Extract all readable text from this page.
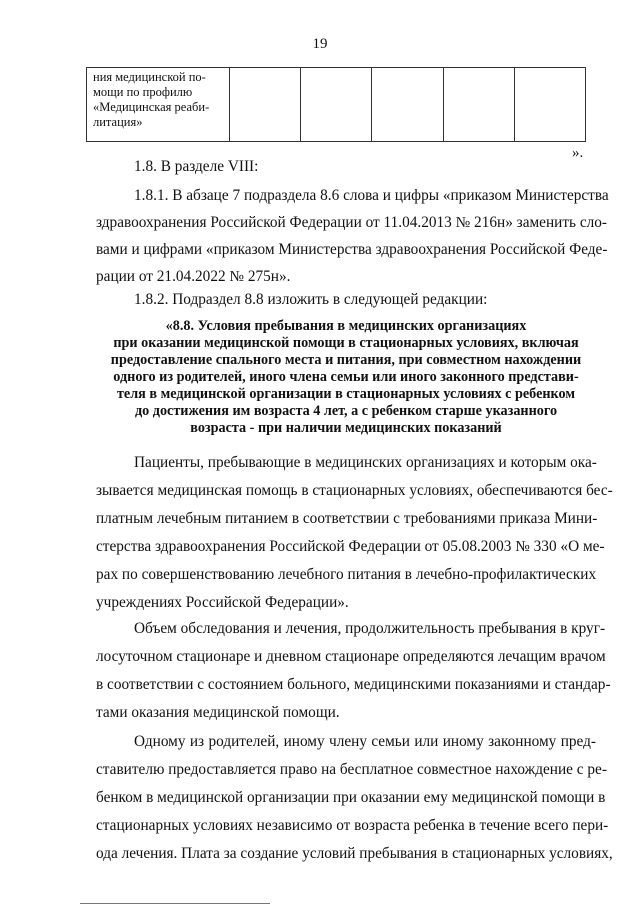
19
ния медицинской по-
мощи по профилю
«Медицинская реаби-
литация»

».
1.8. В разделе VIII:
1.8.1. В абзаце 7 подраздела 8.6 слова и цифры «приказом Министерства
здравоохранения Российской Федерации от 11.04.2013 № 216н» заменить сло-
вами и цифрами «приказом Министерства здравоохранения Российской Феде-
рации от 21.04.2022 № 275н».
1.8.2. Подраздел 8.8 изложить в следующей редакции:
«8.8. Условия пребывания в медицинских организациях
при оказании медицинской помощи в стационарных условиях, включая
предоставление спального места и питания, при совместном нахождении
одного из родителей, иного члена семьи или иного законного представи-
теля в медицинской организации в стационарных условиях с ребенком
до достижения им возраста 4 лет, а с ребенком старше указанного
возраста - при наличии медицинских показаний
Пациенты, пребывающие в медицинских организациях и которым ока-
зывается медицинская помощь в стационарных условиях, обеспечиваются бес-
платным лечебным питанием в соответствии с требованиями приказа Мини-
стерства здравоохранения Российской Федерации от 05.08.2003 № 330 «О ме-
рах по совершенствованию лечебного питания в лечебно-профилактических
учреждениях Российской Федерации».
Объем обследования и лечения, продолжительность пребывания в круг-
лосуточном стационаре и дневном стационаре определяются лечащим врачом
в соответствии с состоянием больного, медицинскими показаниями и стандар-
тами оказания медицинской помощи.
Одному из родителей, иному члену семьи или иному законному пред-
ставителю предоставляется право на бесплатное совместное нахождение с ре-
бенком в медицинской организации при оказании ему медицинской помощи в
стационарных условиях независимо от возраста ребенка в течение всего пери-
ода лечения. Плата за создание условий пребывания в стационарных условиях,
